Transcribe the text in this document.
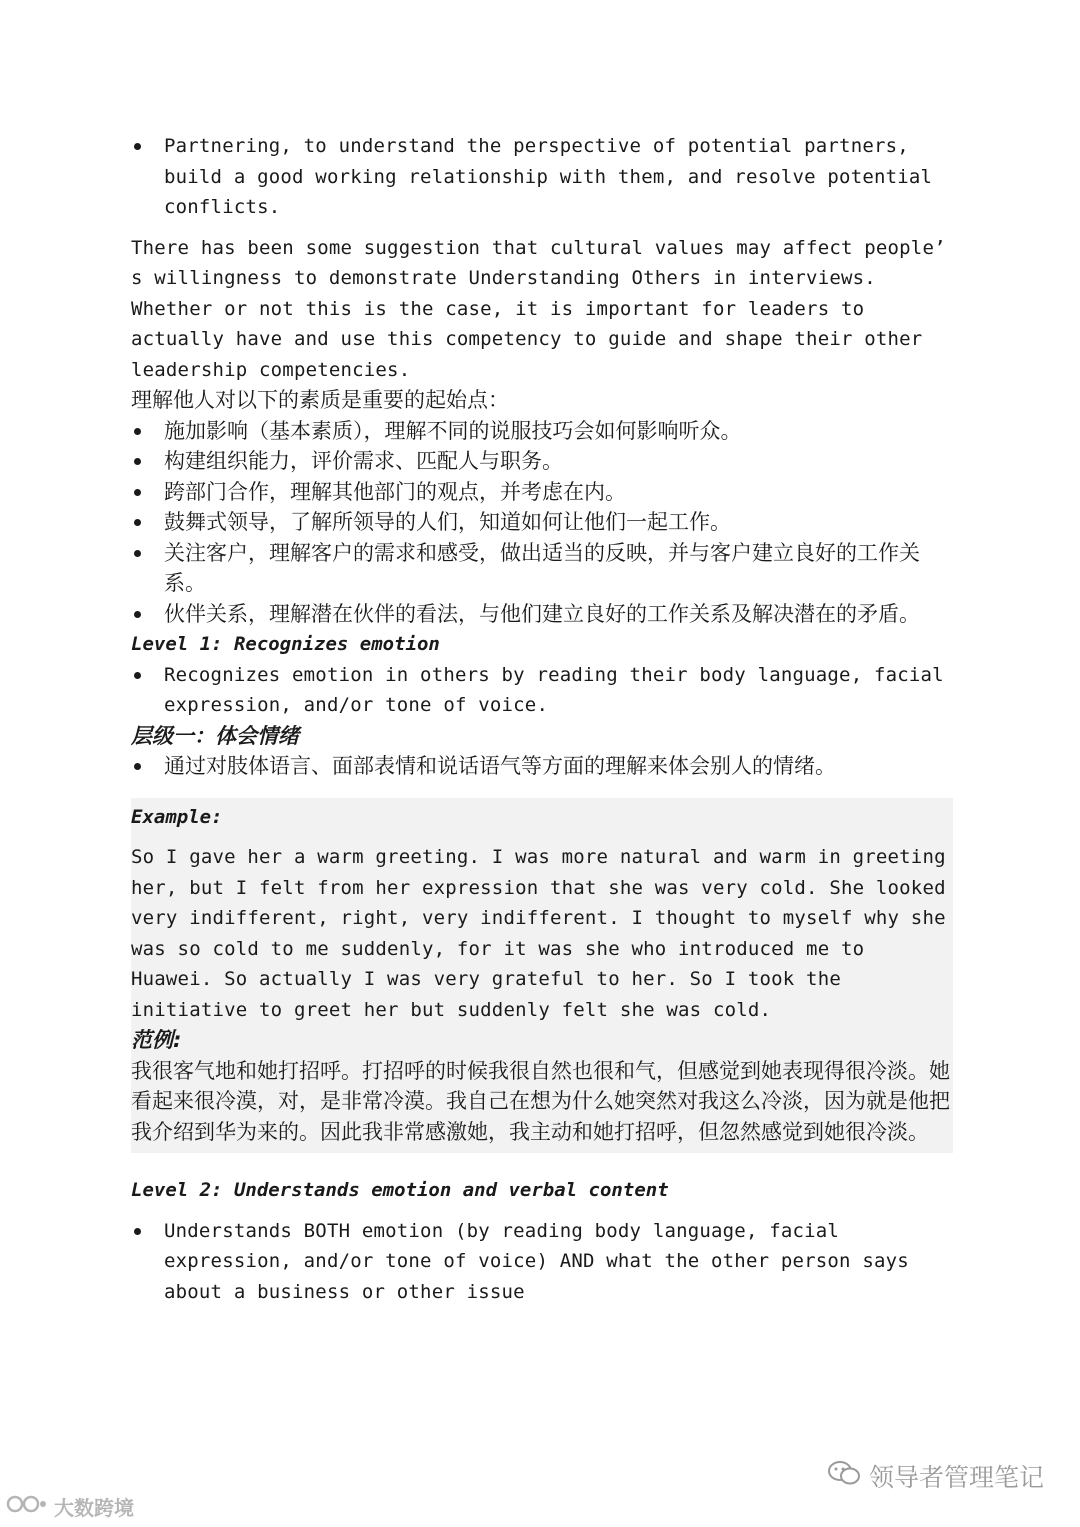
Partnering, to understand the perspective of potential partners, build a good working relationship with them, and resolve potential conflicts.

There has been some suggestion that cultural values may affect people’ s willingness to demonstrate Understanding Others in interviews. Whether or not this is the case, it is important for leaders to actually have and use this competency to guide and shape their other leadership competencies.

理解他人对以下的素质是重要的起始点：

施加影响（基本素质），理解不同的说服技巧会如何影响听众。
构建组织能力，评价需求、匹配人与职务。
跨部门合作，理解其他部门的观点，并考虑在内。
鼓舞式领导，了解所领导的人们，知道如何让他们一起工作。
关注客户，理解客户的需求和感受，做出适当的反映，并与客户建立良好的工作关系。
伙伴关系，理解潜在伙伴的看法，与他们建立良好的工作关系及解决潜在的矛盾。

Level 1: Recognizes emotion

Recognizes emotion in others by reading their body language, facial expression, and/or tone of voice.

层级一：体会情绪

通过对肢体语言、面部表情和说话语气等方面的理解来体会别人的情绪。

Example:

So I gave her a warm greeting. I was more natural and warm in greeting her, but I felt from her expression that she was very cold. She looked very indifferent, right, very indifferent. I thought to myself why she was so cold to me suddenly, for it was she who introduced me to Huawei. So actually I was very grateful to her. So I took the initiative to greet her but suddenly felt she was cold.

范例:

我很客气地和她打招呼。打招呼的时候我很自然也很和气，但感觉到她表现得很冷淡。她看起来很冷漠，对，是非常冷漠。我自己在想为什么她突然对我这么冷淡，因为就是他把我介绍到华为来的。因此我非常感激她，我主动和她打招呼，但忽然感觉到她很冷淡。

Level 2: Understands emotion and verbal content

Understands BOTH emotion (by reading body language, facial expression, and/or tone of voice) AND what the other person says about a business or other issue
领导者管理笔记
大数跨境
